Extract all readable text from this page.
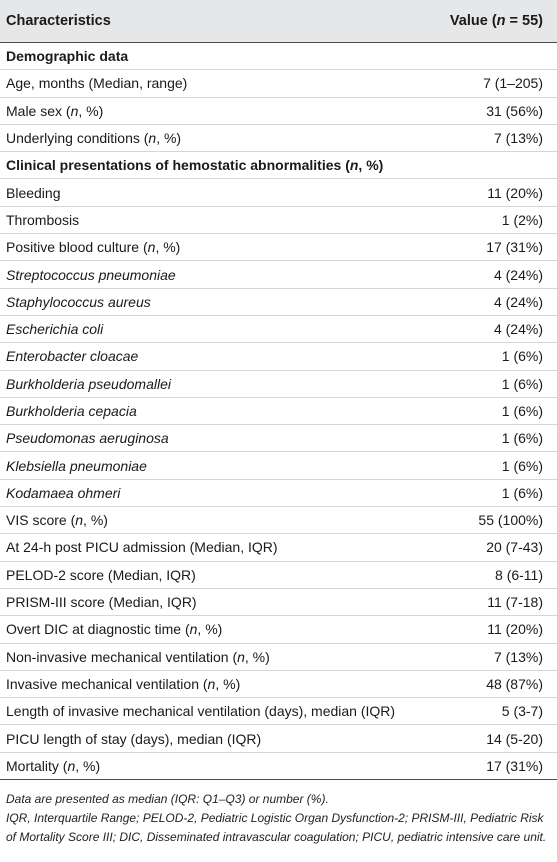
Characteristics	Value (n = 55)
Demographic data	
Age, months (Median, range)	7 (1–205)
Male sex (n, %)	31 (56%)
Underlying conditions (n, %)	7 (13%)
Clinical presentations of hemostatic abnormalities (n, %)	
Bleeding	11 (20%)
Thrombosis	1 (2%)
Positive blood culture (n, %)	17 (31%)
Streptococcus pneumoniae	4 (24%)
Staphylococcus aureus	4 (24%)
Escherichia coli	4 (24%)
Enterobacter cloacae	1 (6%)
Burkholderia pseudomallei	1 (6%)
Burkholderia cepacia	1 (6%)
Pseudomonas aeruginosa	1 (6%)
Klebsiella pneumoniae	1 (6%)
Kodamaea ohmeri	1 (6%)
VIS score (n, %)	55 (100%)
At 24-h post PICU admission (Median, IQR)	20 (7-43)
PELOD-2 score (Median, IQR)	8 (6-11)
PRISM-III score (Median, IQR)	11 (7-18)
Overt DIC at diagnostic time (n, %)	11 (20%)
Non-invasive mechanical ventilation (n, %)	7 (13%)
Invasive mechanical ventilation (n, %)	48 (87%)
Length of invasive mechanical ventilation (days), median (IQR)	5 (3-7)
PICU length of stay (days), median (IQR)	14 (5-20)
Mortality (n, %)	17 (31%)

Data are presented as median (IQR: Q1–Q3) or number (%).

IQR, Interquartile Range; PELOD-2, Pediatric Logistic Organ Dysfunction-2; PRISM-III, Pediatric Risk of Mortality Score III; DIC, Disseminated intravascular coagulation; PICU, pediatric intensive care unit.
